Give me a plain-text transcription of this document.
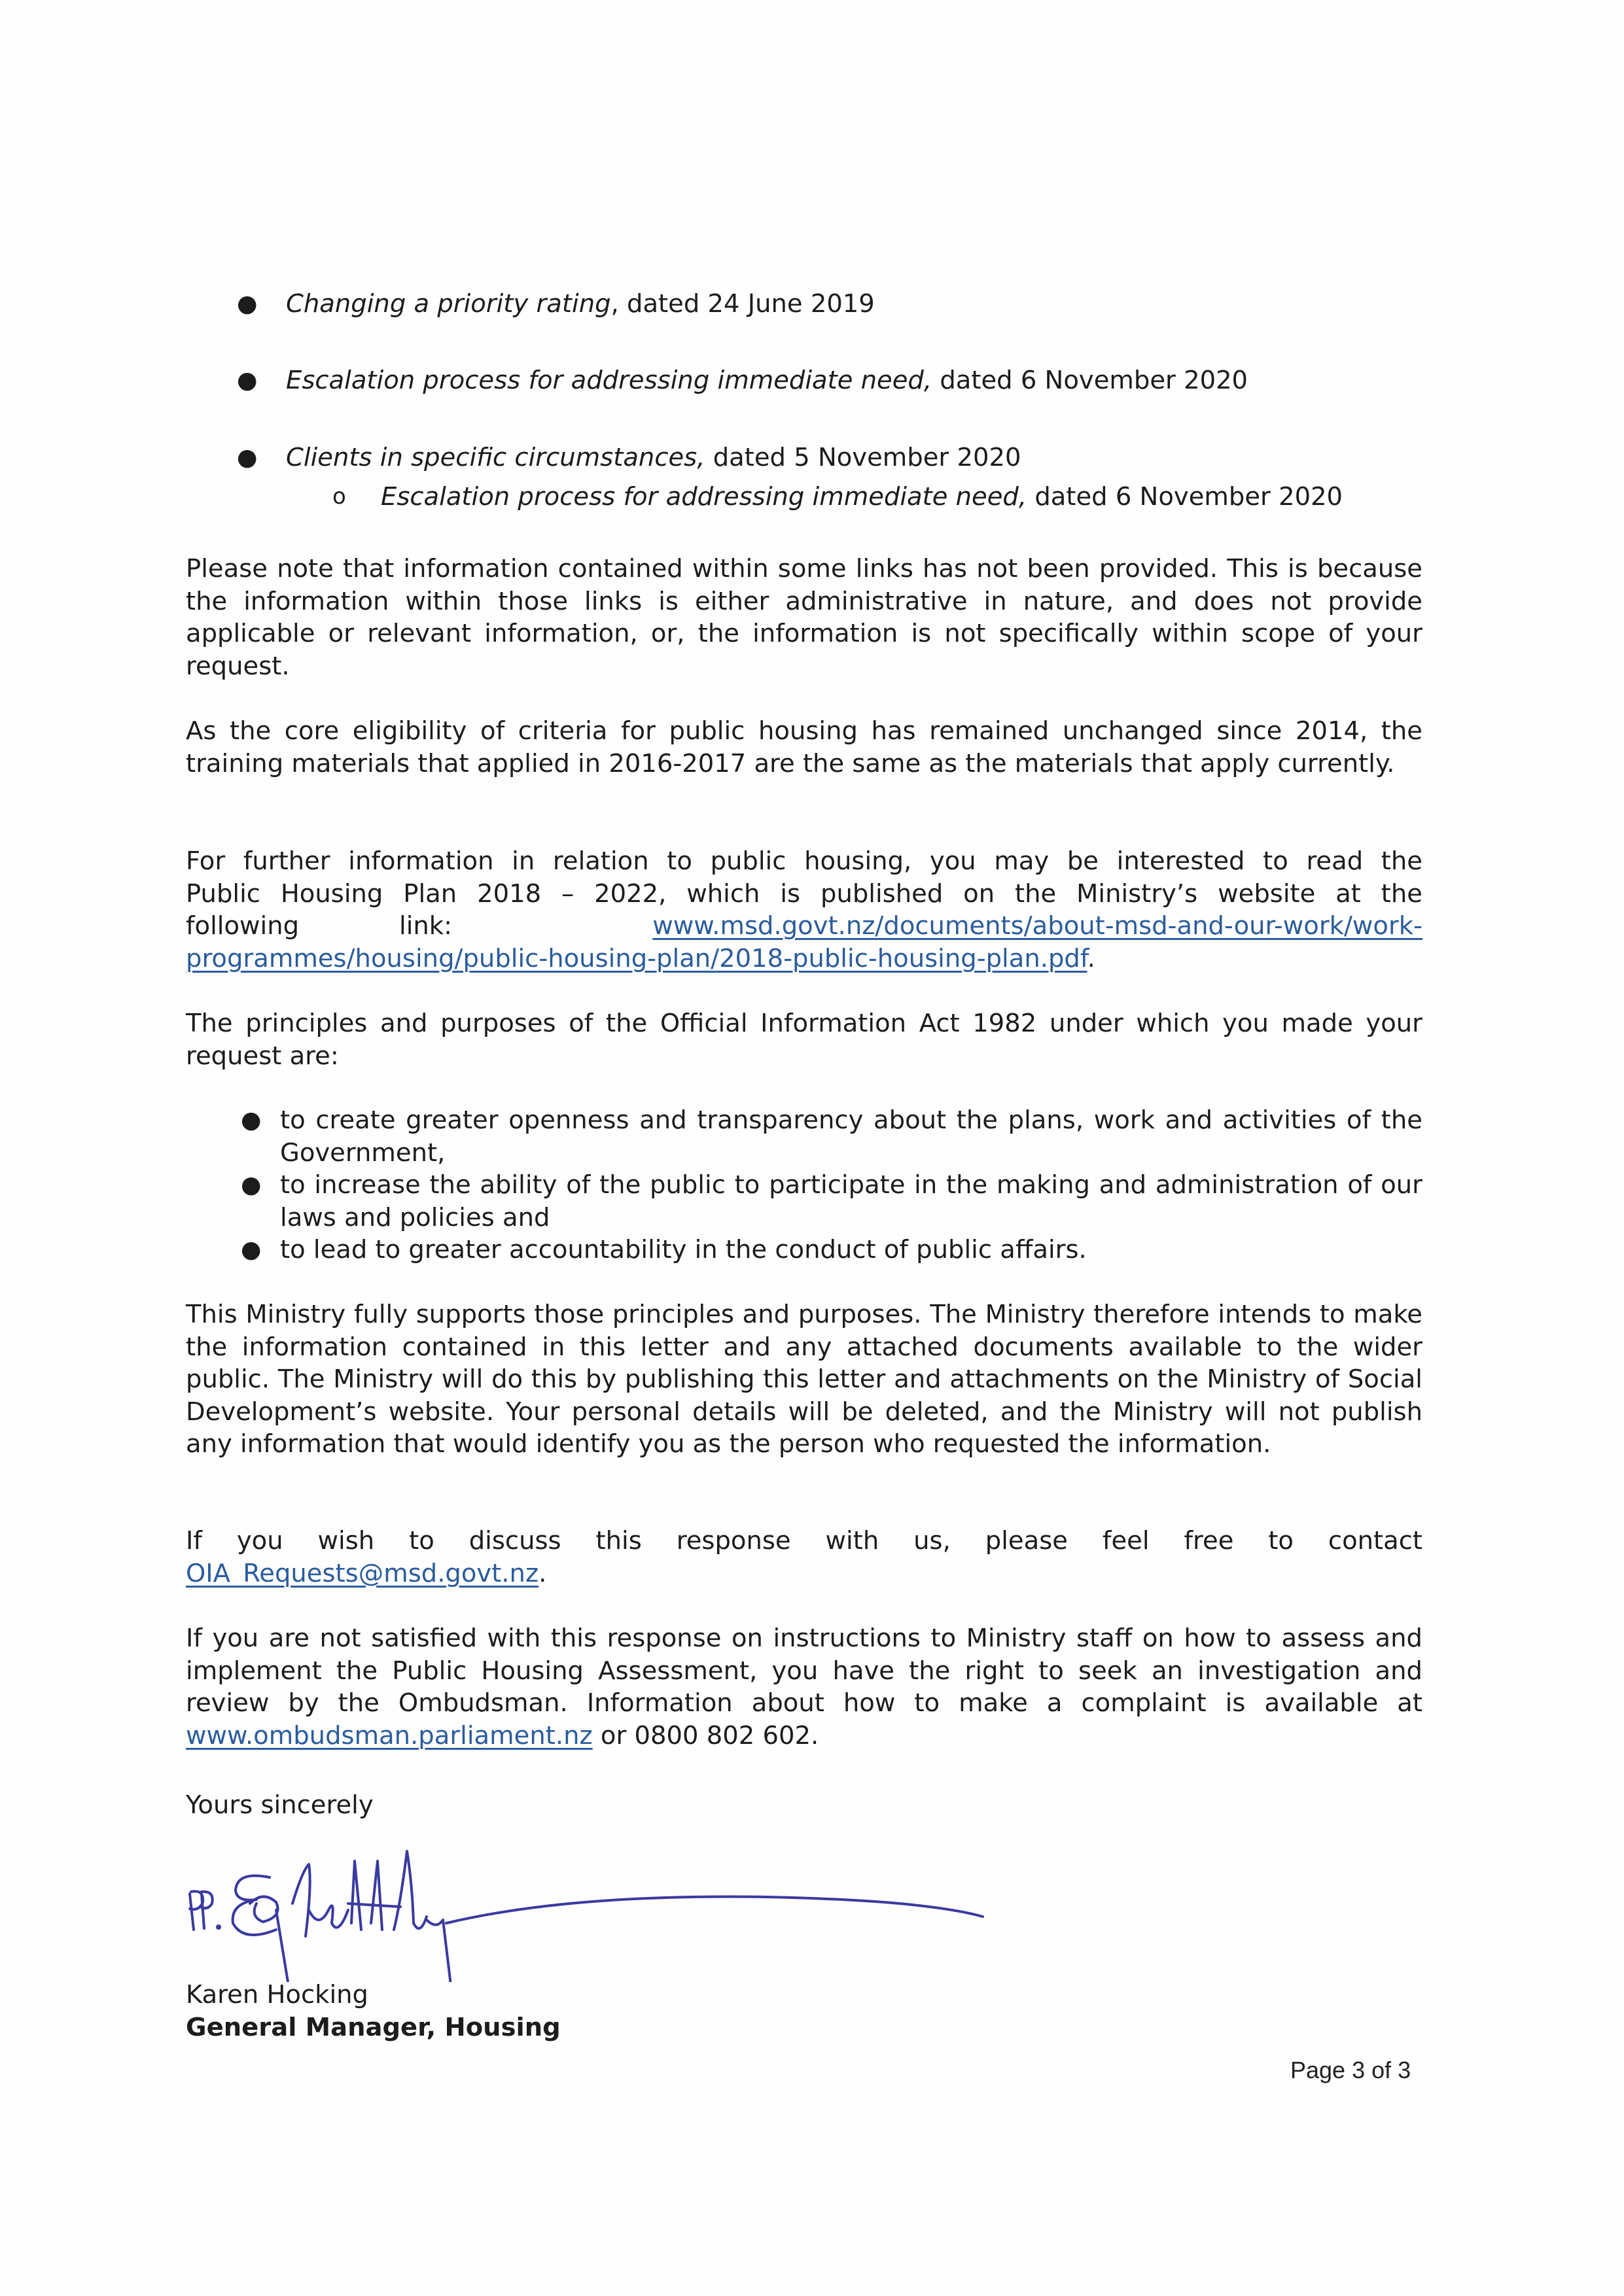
● Changing a priority rating, dated 24 June 2019
● Escalation process for addressing immediate need, dated 6 November 2020
● Clients in specific circumstances, dated 5 November 2020
o Escalation process for addressing immediate need, dated 6 November 2020

Please note that information contained within some links has not been provided. This is because the information within those links is either administrative in nature, and does not provide applicable or relevant information, or, the information is not specifically within scope of your request.

As the core eligibility of criteria for public housing has remained unchanged since 2014, the training materials that applied in 2016-2017 are the same as the materials that apply currently.

For further information in relation to public housing, you may be interested to read the
Public Housing Plan 2018 – 2022, which is published on the Ministry’s website at the
following	link:	www.msd.govt.nz/documents/about-msd-and-our-work/work-
programmes/housing/public-housing-plan/2018-public-housing-plan.pdf.

The principles and purposes of the Official Information Act 1982 under which you made your request are:

● to create greater openness and transparency about the plans, work and activities of the Government,
● to increase the ability of the public to participate in the making and administration of our laws and policies and
● to lead to greater accountability in the conduct of public affairs.

This Ministry fully supports those principles and purposes. The Ministry therefore intends to make the information contained in this letter and any attached documents available to the wider public. The Ministry will do this by publishing this letter and attachments on the Ministry of Social Development’s website. Your personal details will be deleted, and the Ministry will not publish any information that would identify you as the person who requested the information.

If you wish to discuss this response with us, please feel free to contact
OIA_Requests@msd.govt.nz.

If you are not satisfied with this response on instructions to Ministry staff on how to assess and implement the Public Housing Assessment, you have the right to seek an investigation and review by the Ombudsman. Information about how to make a complaint is available at www.ombudsman.parliament.nz or 0800 802 602.

Yours sincerely
Karen Hocking
General Manager, Housing
Page 3 of 3
